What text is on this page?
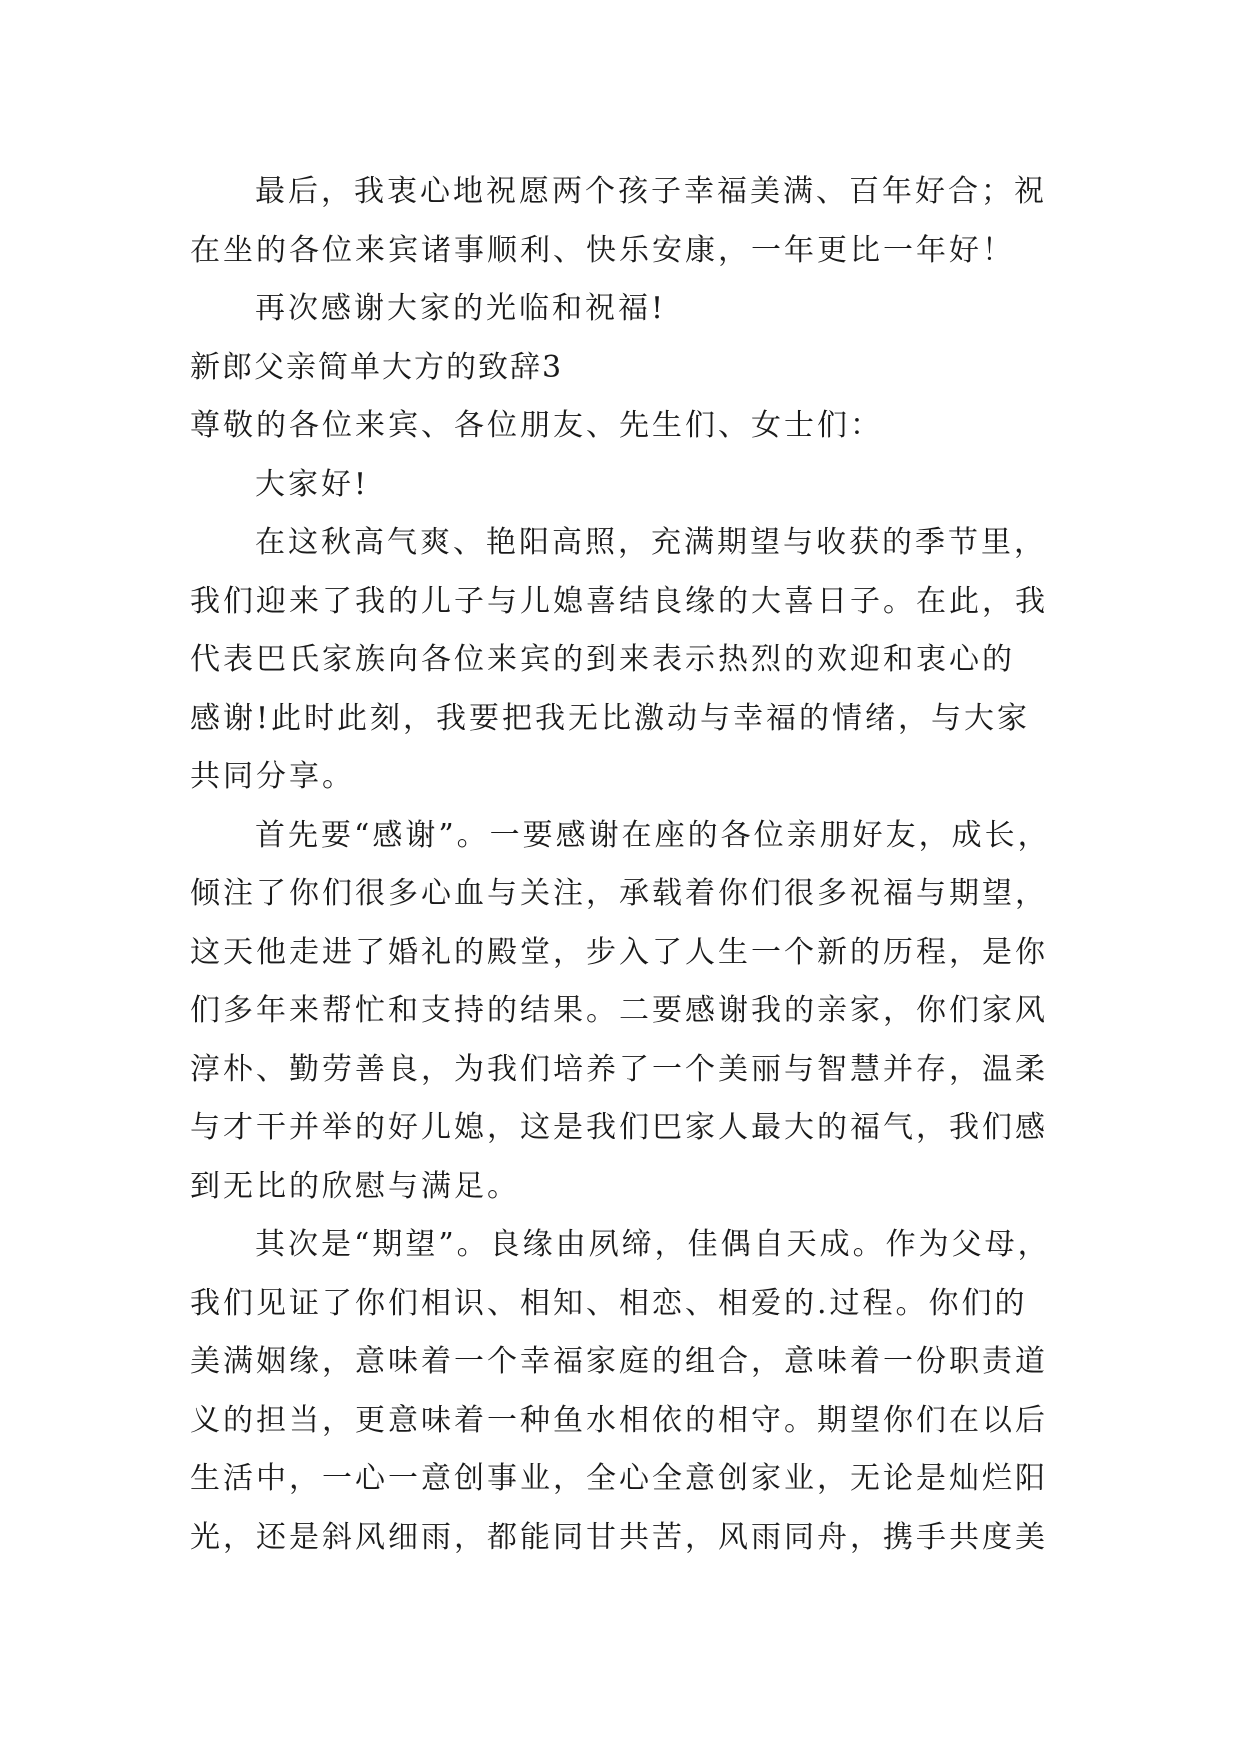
最后，我衷心地祝愿两个孩子幸福美满、百年好合；祝
在坐的各位来宾诸事顺利、快乐安康，一年更比一年好！
再次感谢大家的光临和祝福!
新郎父亲简单大方的致辞3
尊敬的各位来宾、各位朋友、先生们、女士们：
大家好!
在这秋高气爽、艳阳高照，充满期望与收获的季节里，
我们迎来了我的儿子与儿媳喜结良缘的大喜日子。在此，我
代表巴氏家族向各位来宾的到来表示热烈的欢迎和衷心的
感谢!此时此刻，我要把我无比激动与幸福的情绪，与大家
共同分享。
首先要“感谢”。一要感谢在座的各位亲朋好友，成长，
倾注了你们很多心血与关注，承载着你们很多祝福与期望，
这天他走进了婚礼的殿堂，步入了人生一个新的历程，是你
们多年来帮忙和支持的结果。二要感谢我的亲家，你们家风
淳朴、勤劳善良，为我们培养了一个美丽与智慧并存，温柔
与才干并举的好儿媳，这是我们巴家人最大的福气，我们感
到无比的欣慰与满足。
其次是“期望”。良缘由夙缔，佳偶自天成。作为父母，
我们见证了你们相识、相知、相恋、相爱的.过程。你们的
美满姻缘，意味着一个幸福家庭的组合，意味着一份职责道
义的担当，更意味着一种鱼水相依的相守。期望你们在以后
生活中，一心一意创事业，全心全意创家业，无论是灿烂阳
光，还是斜风细雨，都能同甘共苦，风雨同舟，携手共度美
